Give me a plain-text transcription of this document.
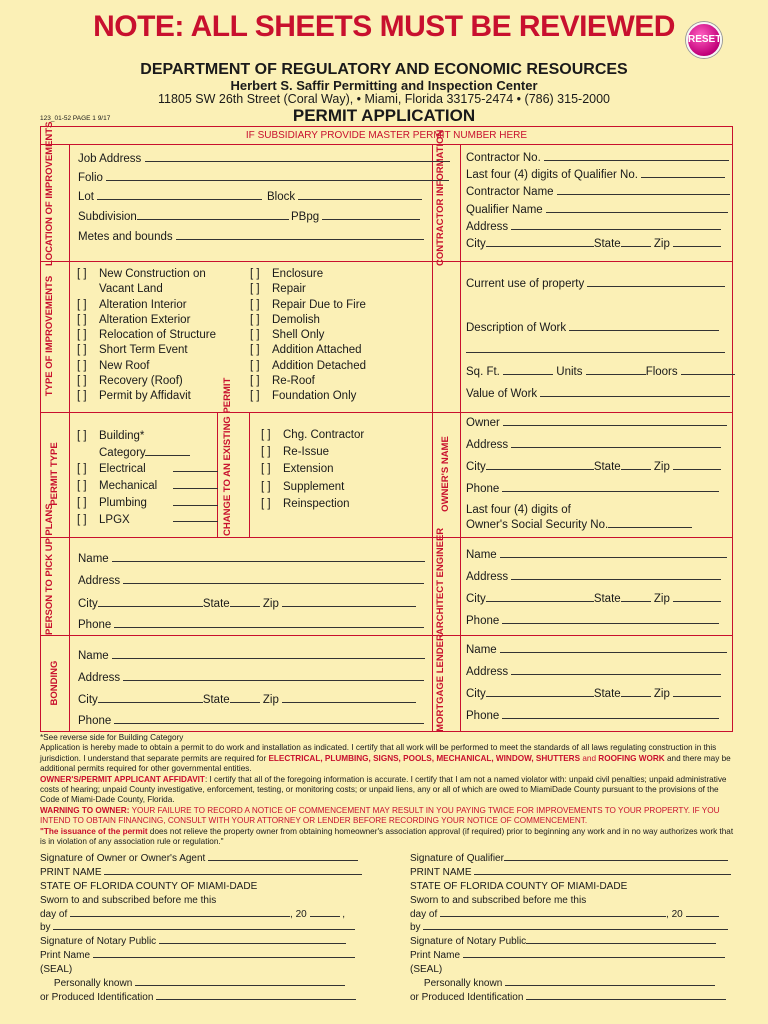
NOTE: ALL SHEETS MUST BE REVIEWED	RESET
DEPARTMENT OF REGULATORY AND ECONOMIC RESOURCES
Herbert S. Saffir Permitting and Inspection Center
11805 SW 26th Street (Coral Way), • Miami, Florida 33175-2474 • (786) 315-2000
123_01-52 PAGE 1 9/17	PERMIT APPLICATION
IF SUBSIDIARY PROVIDE MASTER PERMIT NUMBER HERE
LOCATION OF IMPROVEMENTS	CONTRACTOR INFORMATION
TYPE OF IMPROVEMENTS
PERMIT TYPE	CHANGE TO AN EXISTING PERMIT	OWNER'S NAME
PERSON TO PICK UP PLANS	ARCHITECT ENGINEER
BONDING	MORTGAGE LENDER
Job Address
Folio
Lot	Block
Subdivision	PBpg
Metes and bounds
Contractor No.
Last four (4) digits of Qualifier No.
Contractor Name
Qualifier Name
Address
City	State	Zip
[ ] New Construction on
Vacant Land
[ ] Alteration Interior
[ ] Alteration Exterior
[ ] Relocation of Structure
[ ] Short Term Event
[ ] New Roof
[ ] Recovery (Roof)
[ ] Permit by Affidavit
[ ] Enclosure
[ ] Repair
[ ] Repair Due to Fire
[ ] Demolish
[ ] Shell Only
[ ] Addition Attached
[ ] Addition Detached
[ ] Re-Roof
[ ] Foundation Only
Current use of property
Description of Work
Sq. Ft.	Units	Floors
Value of Work
[ ] Building*
Category
[ ] Electrical
[ ] Mechanical
[ ] Plumbing
[ ] LPGX
[ ] Chg. Contractor
[ ] Re-Issue
[ ] Extension
[ ] Supplement
[ ] Reinspection
Owner
Address
City	State	Zip
Phone
Last four (4) digits of
Owner's Social Security No.
Name
Address
City	State	Zip
Phone
Name
Address
City	State	Zip
Phone
Name
Address
City	State	Zip
Phone
Name
Address
City	State	Zip
Phone
*See reverse side for Building Category
Application is hereby made to obtain a permit to do work and installation as indicated. I certify that all work will be performed to meet the standards of all laws regulating construction in this jurisdiction. I understand that separate permits are required for ELECTRICAL, PLUMBING, SIGNS, POOLS, MECHANICAL, WINDOW, SHUTTERS and ROOFING WORK and there may be additional permits required for other governmental entities.
OWNER'S/PERMIT APPLICANT AFFIDAVIT: I certify that all of the foregoing information is accurate. I certify that I am not a named violator with: unpaid civil penalties; unpaid administrative costs of hearing; unpaid County investigative, enforcement, testing, or monitoring costs; or unpaid liens, any or all of which are owed to MiamiDade County pursuant to the provisions of the Code of Miami-Dade County, Florida.
WARNING TO OWNER: YOUR FAILURE TO RECORD A NOTICE OF COMMENCEMENT MAY RESULT IN YOU PAYING TWICE FOR IMPROVEMENTS TO YOUR PROPERTY. IF YOU INTEND TO OBTAIN FINANCING, CONSULT WITH YOUR ATTORNEY OR LENDER BEFORE RECORDING YOUR NOTICE OF COMMENCEMENT.
"The issuance of the permit does not relieve the property owner from obtaining homeowner's association approval (if required) prior to beginning any work and in no way authorizes work that is in violation of any association rule or regulation."
Signature of Owner or Owner's Agent
PRINT NAME
STATE OF FLORIDA COUNTY OF MIAMI-DADE
Sworn to and subscribed before me this
day of	, 20	,
by
Signature of Notary Public
Print Name
(SEAL)
Personally known
or Produced Identification
Signature of Qualifier
PRINT NAME
STATE OF FLORIDA COUNTY OF MIAMI-DADE
Sworn to and subscribed before me this
day of	, 20
by
Signature of Notary Public
Print Name
(SEAL)
Personally known
or Produced Identification
